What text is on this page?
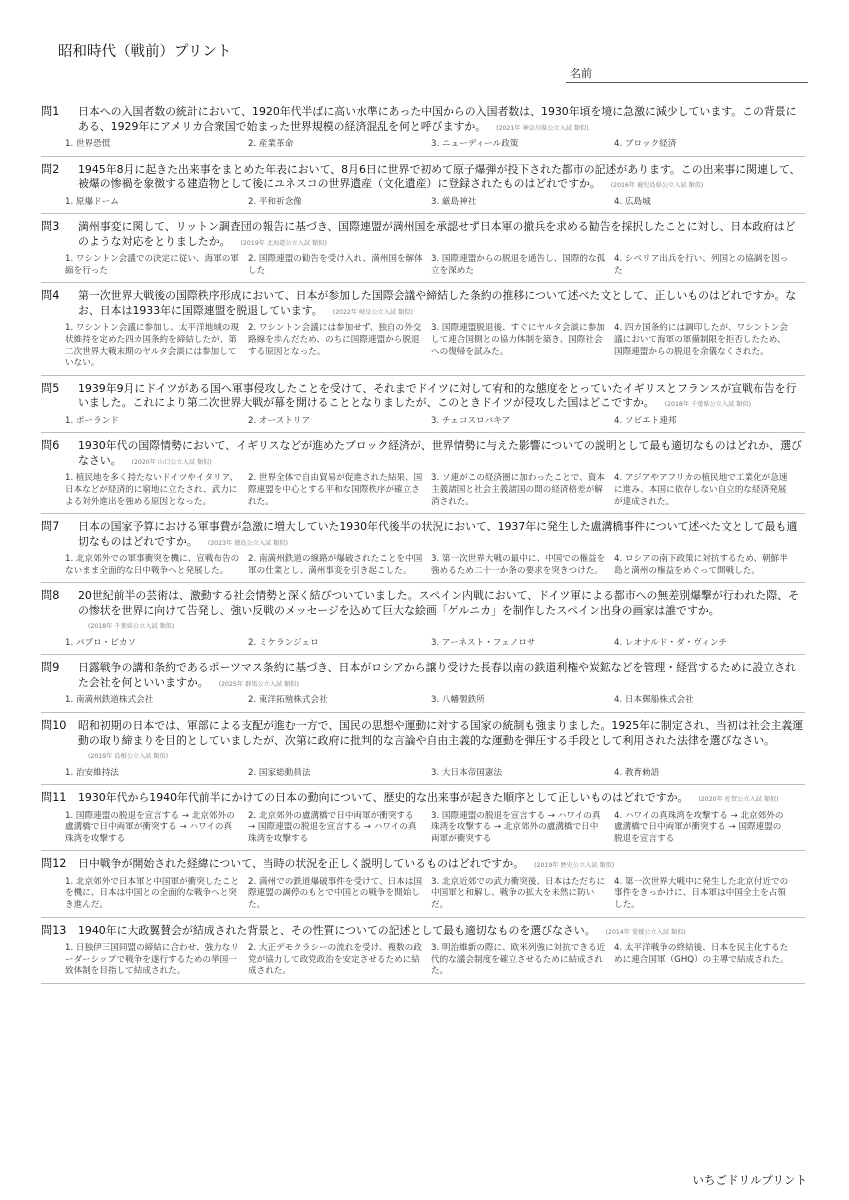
昭和時代（戦前）プリント
名前
問1	日本への入国者数の統計において、1920年代半ばに高い水準にあった中国からの入国者数は、1930年頃を境に急激に減少しています。この背景にある、1929年にアメリカ合衆国で始まった世界規模の経済混乱を何と呼びますか。 (2021年 神奈川県公立入試 類似)
1. 世界恐慌	2. 産業革命	3. ニューディール政策	4. ブロック経済
問2	1945年8月に起きた出来事をまとめた年表において、8月6日に世界で初めて原子爆弾が投下された都市の記述があります。この出来事に関連して、被爆の惨禍を象徴する建造物として後にユネスコの世界遺産（文化遺産）に登録されたものはどれですか。 (2016年 鹿児島県公立入試 類似)
1. 原爆ドーム	2. 平和祈念像	3. 厳島神社	4. 広島城
問3	満州事変に関して、リットン調査団の報告に基づき、国際連盟が満州国を承認せず日本軍の撤兵を求める勧告を採択したことに対し、日本政府はどのような対応をとりましたか。 (2019年 北海道公立入試 類似)
1. ワシントン会議での決定に従い、海軍の軍縮を行った
2. 国際連盟の勧告を受け入れ、満州国を解体した
3. 国際連盟からの脱退を通告し、国際的な孤立を深めた
4. シベリア出兵を行い、列国との協調を図った
問4	第一次世界大戦後の国際秩序形成において、日本が参加した国際会議や締結した条約の推移について述べた文として、正しいものはどれですか。なお、日本は1933年に国際連盟を脱退しています。 (2022年 岐阜公立入試 類似)
1. ワシントン会議に参加し、太平洋地域の現状維持を定めた四カ国条約を締結したが、第二次世界大戦末期のヤルタ会談には参加していない。
2. ワシントン会議には参加せず、独自の外交路線を歩んだため、のちに国際連盟から脱退する原因となった。
3. 国際連盟脱退後、すぐにヤルタ会談に参加して連合国側との協力体制を築き、国際社会への復帰を試みた。
4. 四カ国条約には調印したが、ワシントン会議において海軍の軍備制限を拒否したため、国際連盟からの脱退を余儀なくされた。
問5	1939年9月にドイツがある国へ軍事侵攻したことを受けて、それまでドイツに対して宥和的な態度をとっていたイギリスとフランスが宣戦布告を行いました。これにより第二次世界大戦が幕を開けることとなりましたが、このときドイツが侵攻した国はどこですか。 (2018年 千葉県公立入試 類似)
1. ポーランド	2. オーストリア	3. チェコスロバキア	4. ソビエト連邦
問6	1930年代の国際情勢において、イギリスなどが進めたブロック経済が、世界情勢に与えた影響についての説明として最も適切なものはどれか、選びなさい。 (2020年 山口公立入試 類似)
1. 植民地を多く持たないドイツやイタリア、日本などが経済的に窮地に立たされ、武力による対外進出を強める原因となった。
2. 世界全体で自由貿易が促進された結果、国際連盟を中心とする平和な国際秩序が確立された。
3. ソ連がこの経済圏に加わったことで、資本主義諸国と社会主義諸国の間の経済格差が解消された。
4. アジアやアフリカの植民地で工業化が急速に進み、本国に依存しない自立的な経済発展が達成された。
問7	日本の国家予算における軍事費が急激に増大していた1930年代後半の状況において、1937年に発生した盧溝橋事件について述べた文として最も適切なものはどれですか。 (2023年 徳島公立入試 類似)
1. 北京郊外での軍事衝突を機に、宣戦布告のないまま全面的な日中戦争へと発展した。
2. 南満州鉄道の線路が爆破されたことを中国軍の仕業とし、満州事変を引き起こした。
3. 第一次世界大戦の最中に、中国での権益を強めるため二十一か条の要求を突きつけた。
4. ロシアの南下政策に対抗するため、朝鮮半島と満州の権益をめぐって開戦した。
問8	20世紀前半の芸術は、激動する社会情勢と深く結びついていました。スペイン内戦において、ドイツ軍による都市への無差別爆撃が行われた際、その惨状を世界に向けて告発し、強い反戦のメッセージを込めて巨大な絵画「ゲルニカ」を制作したスペイン出身の画家は誰ですか。(2018年 千葉県公立入試 類似)
1. パブロ・ピカソ	2. ミケランジェロ	3. アーネスト・フェノロサ	4. レオナルド・ダ・ヴィンチ
問9	日露戦争の講和条約であるポーツマス条約に基づき、日本がロシアから譲り受けた長春以南の鉄道利権や炭鉱などを管理・経営するために設立された会社を何といいますか。 (2025年 群馬公立入試 類似)
1. 南満州鉄道株式会社	2. 東洋拓殖株式会社	3. 八幡製鉄所	4. 日本郵船株式会社
問10	昭和初期の日本では、軍部による支配が進む一方で、国民の思想や運動に対する国家の統制も強まりました。1925年に制定され、当初は社会主義運動の取り締まりを目的としていましたが、次第に政府に批判的な言論や自由主義的な運動を弾圧する手段として利用された法律を選びなさい。(2019年 島根公立入試 類似)
1. 治安維持法	2. 国家総動員法	3. 大日本帝国憲法	4. 教育勅語
問11	1930年代から1940年代前半にかけての日本の動向について、歴史的な出来事が起きた順序として正しいものはどれですか。 (2020年 佐賀公立入試 類似)
1. 国際連盟の脱退を宣言する → 北京郊外の盧溝橋で日中両軍が衝突する → ハワイの真珠湾を攻撃する
2. 北京郊外の盧溝橋で日中両軍が衝突する → 国際連盟の脱退を宣言する → ハワイの真珠湾を攻撃する
3. 国際連盟の脱退を宣言する → ハワイの真珠湾を攻撃する → 北京郊外の盧溝橋で日中両軍が衝突する
4. ハワイの真珠湾を攻撃する → 北京郊外の盧溝橋で日中両軍が衝突する → 国際連盟の脱退を宣言する
問12	日中戦争が開始された経緯について、当時の状況を正しく説明しているものはどれですか。 (2019年 歴史公立入試 類似)
1. 北京郊外で日本軍と中国軍が衝突したことを機に、日本は中国との全面的な戦争へと突き進んだ。
2. 満州での鉄道爆破事件を受けて、日本は国際連盟の調停のもとで中国との戦争を開始した。
3. 北京近郊での武力衝突後、日本はただちに中国軍と和解し、戦争の拡大を未然に防いだ。
4. 第一次世界大戦中に発生した北京付近での事件をきっかけに、日本軍は中国全土を占領した。
問13	1940年に大政翼賛会が結成された背景と、その性質についての記述として最も適切なものを選びなさい。 (2014年 愛媛公立入試 類似)
1. 日独伊三国同盟の締結に合わせ、強力なリーダーシップで戦争を遂行するための挙国一致体制を目指して結成された。
2. 大正デモクラシーの流れを受け、複数の政党が協力して政党政治を安定させるために結成された。
3. 明治維新の際に、欧米列強に対抗できる近代的な議会制度を確立させるために結成された。
4. 太平洋戦争の終結後、日本を民主化するために連合国軍（GHQ）の主導で結成された。
いちごドリルプリント
